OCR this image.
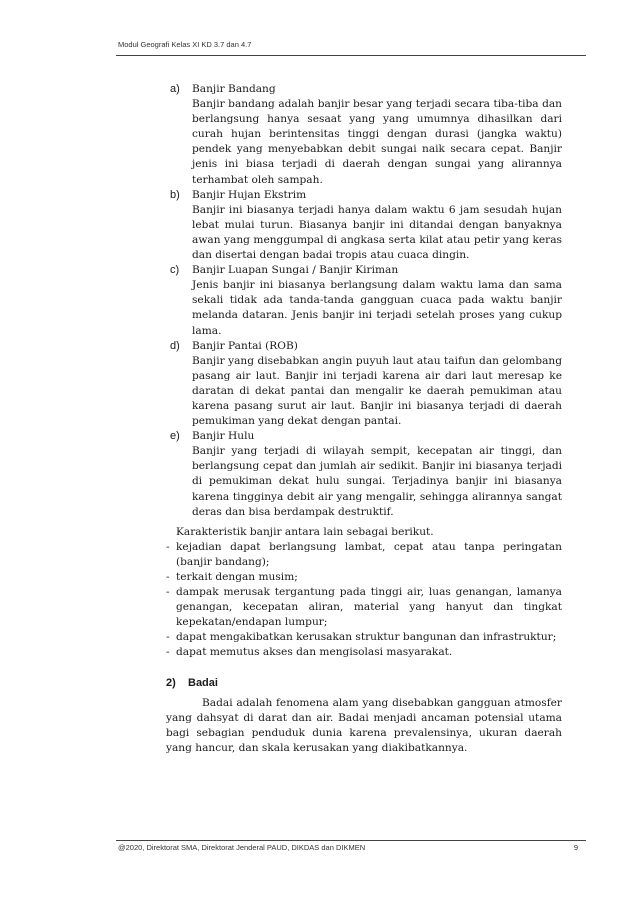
Modul Geografi Kelas XI KD 3.7 dan 4.7
a) Banjir Bandang
Banjir bandang adalah banjir besar yang terjadi secara tiba-tiba dan berlangsung hanya sesaat yang yang umumnya dihasilkan dari curah hujan berintensitas tinggi dengan durasi (jangka waktu) pendek yang menyebabkan debit sungai naik secara cepat. Banjir jenis ini biasa terjadi di daerah dengan sungai yang alirannya terhambat oleh sampah.
b) Banjir Hujan Ekstrim
Banjir ini biasanya terjadi hanya dalam waktu 6 jam sesudah hujan lebat mulai turun. Biasanya banjir ini ditandai dengan banyaknya awan yang menggumpal di angkasa serta kilat atau petir yang keras dan disertai dengan badai tropis atau cuaca dingin.
c) Banjir Luapan Sungai / Banjir Kiriman
Jenis banjir ini biasanya berlangsung dalam waktu lama dan sama sekali tidak ada tanda-tanda gangguan cuaca pada waktu banjir melanda dataran. Jenis banjir ini terjadi setelah proses yang cukup lama.
d) Banjir Pantai (ROB)
Banjir yang disebabkan angin puyuh laut atau taifun dan gelombang pasang air laut. Banjir ini terjadi karena air dari laut meresap ke daratan di dekat pantai dan mengalir ke daerah pemukiman atau karena pasang surut air laut. Banjir ini biasanya terjadi di daerah pemukiman yang dekat dengan pantai.
e) Banjir Hulu
Banjir yang terjadi di wilayah sempit, kecepatan air tinggi, dan berlangsung cepat dan jumlah air sedikit. Banjir ini biasanya terjadi di pemukiman dekat hulu sungai. Terjadinya banjir ini biasanya karena tingginya debit air yang mengalir, sehingga alirannya sangat deras dan bisa berdampak destruktif.
Karakteristik banjir antara lain sebagai berikut.
- kejadian dapat berlangsung lambat, cepat atau tanpa peringatan (banjir bandang);
- terkait dengan musim;
- dampak merusak tergantung pada tinggi air, luas genangan, lamanya genangan, kecepatan aliran, material yang hanyut dan tingkat kepekatan/endapan lumpur;
- dapat mengakibatkan kerusakan struktur bangunan dan infrastruktur;
- dapat memutus akses dan mengisolasi masyarakat.
2) Badai
Badai adalah fenomena alam yang disebabkan gangguan atmosfer yang dahsyat di darat dan air. Badai menjadi ancaman potensial utama bagi sebagian penduduk dunia karena prevalensinya, ukuran daerah yang hancur, dan skala kerusakan yang diakibatkannya.
@2020, Direktorat SMA, Direktorat Jenderal PAUD, DIKDAS dan DIKMEN	9
